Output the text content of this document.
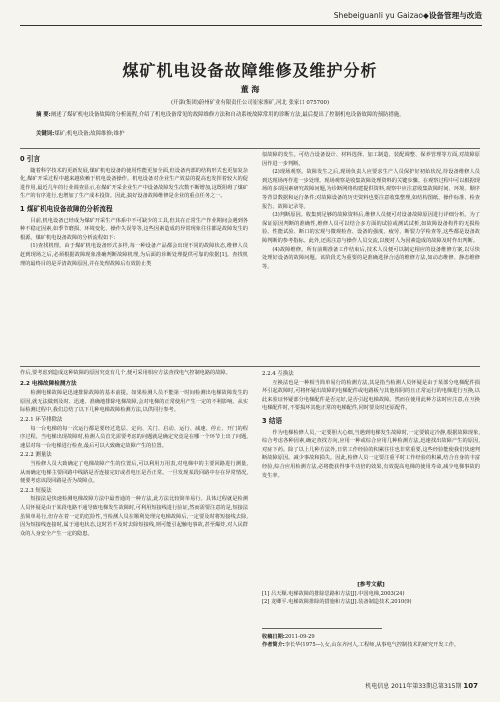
Shebeiguanli yu Gaizao◆设备管理与改造
煤矿机电设备故障维修及维护分析
董 海
(开滦(集团)蔚州矿业有限责任公司崔家寨矿,河北 张家口 075700)
摘 要:阐述了煤矿机电设备故障的分析流程,介绍了机电设备常见的故障维修方法和自动系统故障常用的诊断方法,最后提出了控制机电设备故障的预防措施。
关键词:煤矿;机电设备;故障维修;维护
0 引言

随着科学技术的更新发展,煤矿机电设备的使用性能更加全面,但设备内部的结构形式也更加复杂化,煤矿开采过程中越来越依赖于机电设备操作。机电设备对企业生产效益的提高也发挥着较大的促进作用,最近几年的行业调查显示,在煤矿开采企业生产中设备故障发生次数不断增加,这既阻碍了煤矿生产的有序进行,也增加了生产成本投资。因此,搞好设备故障维修是企业的重点任务之一。

1 煤矿机电设备故障的分析流程

目前,机电设备已经成为煤矿开采生产体系中不可缺少的工具,但其在正常生产作业期间会遇到各种不稳定因素,如季节磨损、环境变化、操作失误等等,这些因素造成的异常现象往往都是故障发生的根源。煤矿机电设备故障的分析流程如下:

(1)查找机理。由于煤矿机电设备形式多样,每一种设备产品都会出现不同的故障状态,维修人员赶到现场之后,必须根据故障现象准确判断故障机理,为后面的诊断处理提供可靠的依据[1]。查找机理的最终目的是弄清故障原因,并在处理故障后有效防止类

似故障的发生。可结合设备设计、材料选择、加工制造、装配调整、保养管理等方面,对故障原因作进一步判断。

(2)现场观察。故障发生之后,现场负责人应要求生产人员保护好初始状况,待设备维修人员到达现场再作进一步处理。现场观察是收集故障处理资料的关键步骤。在观察过程中可以根据现场的多项因素研究故障问题,为诊断网络构建提供资料,观察中应注意收集故障时间、环境、顺序等背景数据和运行条件;对故障设备的历史资料也要注意收集整理,如结构图纸、操作标准、检查报告、故障记录等。

(3)判断原因。收集到足够的故障资料后,维修人员便可对设备故障原因进行详细分析。为了保证原因判断的准确性,维修人员可以结合多方面的试验或测试试析,如故障设备构件的无损检验、性能试验、断口的宏观与微观检查、设备的强度、疲劳、断裂力学检查等,这些都是设备故障判断的参考指标。此外,还需注意与操作人员交流,以便对人为因素造成的故障及时作出判断。

(4)故障维修。所有前期准备工作结束后,技术人员便可以制定相应的设备维修方案,以尽快处理好设备的故障问题。该阶段尤为重要的是准确选择合适的维修方法,如动态维修、静态维修等。

作后,要考虑到造成这种故障的原因究竟有几个,便可采用相应方法查找电气控制电路的故障。

2.2 电梯故障检测方法

检测电梯故障是迅速排除故障的基本前提。如果检测人员不能第一时间检测出电梯故障发生的原因,就无法做到及时、迅速、准确地排除电梯故障,会对电梯的正常使用产生一定的不利影响。从实际检测过程中,我们总结了以下几种电梯故障检测方法,以供同行参考。

2.2.1 环节排除法

每一台电梯的每一次运行都是要经过选层、定向、关门、启动、运行、减速、停止、开门的程序过程。当电梯出现故障时,检测人员首先需要考虑的问题就是确定究竟是在哪一个环节上出了问题,速层对每一台电梯进行检查,最后可以大致确定故障产生的位置。

2.2.2 测量法

当检修人员大致确定了电梯故障产生的位置后,可以利用万用表,对电梯中的主要回路进行测量,从而确定电梯主要回路中线路是否连接完好或者电压是否正常。一旦发现某段回路中存在异常情况,便要考虑该段回路是否为故障点。

2.2.3 短接法

短接法是快速检测电梯故障方法中最普通的一种方法,此方法比较简单易行。具体过程就是检测人员怀疑是由于某段电路不通导致电梯发生故障时,可利用短接线进行验证,然而需要注意的是,短接法虽简单易行,但存在着一定的危险性,当检测人员在顺利处理完电梯故障后,一定要及时将短接线去除,因为短接线连接时,属于通电状态,这时若不及时去除短接线,则可能引起触电事故,甚至爆炸,对人民群众的人身安全产生一定的隐患。

2.2.4 互换法

互换法也是一种相当简单易行的检测方法,其是指当检测人员怀疑是由于某部分电梯配件损坏引起故障时,可将怀疑出故障的电梯配件或电路板与其他相同的且正常运行的电梯进行互换,以此来验证怀疑部分电梯配件是否完好,是否引起电梯故障。然而在使用此种方法时应注意,在互换电梯配件时,不要损坏其他正常的电梯配件,同时要及时还原配件。

3 结语

作为电梯检修人员,一定要胆大心细,当遇到电梯发生故障时,一定要镇定冷静,根据故障现象,综合考虑各种因素,确定查找方向,应用一种或综合应用几种检测方法,迅速找出故障产生的原因,对症下药。除了以上几种方法外,日常工作经验的积累往往也非常重要,这些经验能使我们快速判断故障原因。减少事故和损失。因此,检修人员一定要注重平时工作经验的积累,结合自身的丰富经验,综合应用检测方法,必将能获得事半功倍的效果,有效提高电梯的使用寿命,减少电梯事故的发生率。

[参考文献]
[1] 吕天顺.电梯故障的排除思路和方法[J].中国电梯,2003(24)
[2] 龙卿平.电梯故障排除的措施和方法[J].装备制造技术,2010(9)
收稿日期:2011-09-29
作者简介:李长华(1975—),女,山东齐河人,工程师,从事电气控制技术的研究开发工作。
机电信息 2011年第33期总第315期 107
